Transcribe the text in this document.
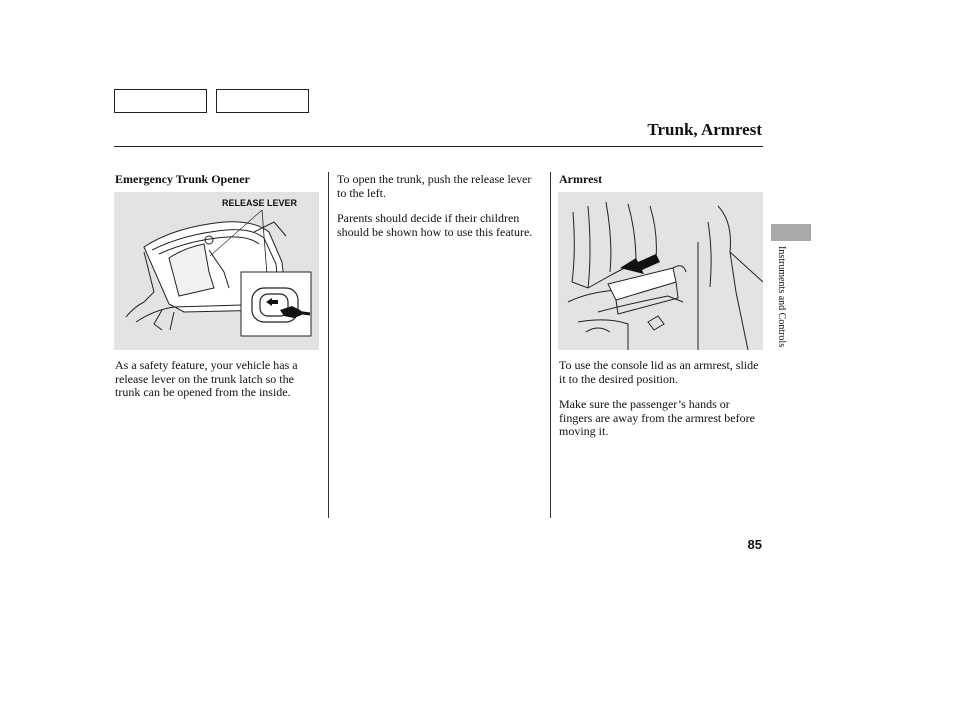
Trunk, Armrest
Emergency Trunk Opener
RELEASE LEVER

As a safety feature, your vehicle has a release lever on the trunk latch so the trunk can be opened from the inside.

To open the trunk, push the release lever to the left.

Parents should decide if their children should be shown how to use this feature.

Armrest

To use the console lid as an armrest, slide it to the desired position.

Make sure the passenger’s hands or fingers are away from the armrest before moving it.

Instruments and Controls
85
